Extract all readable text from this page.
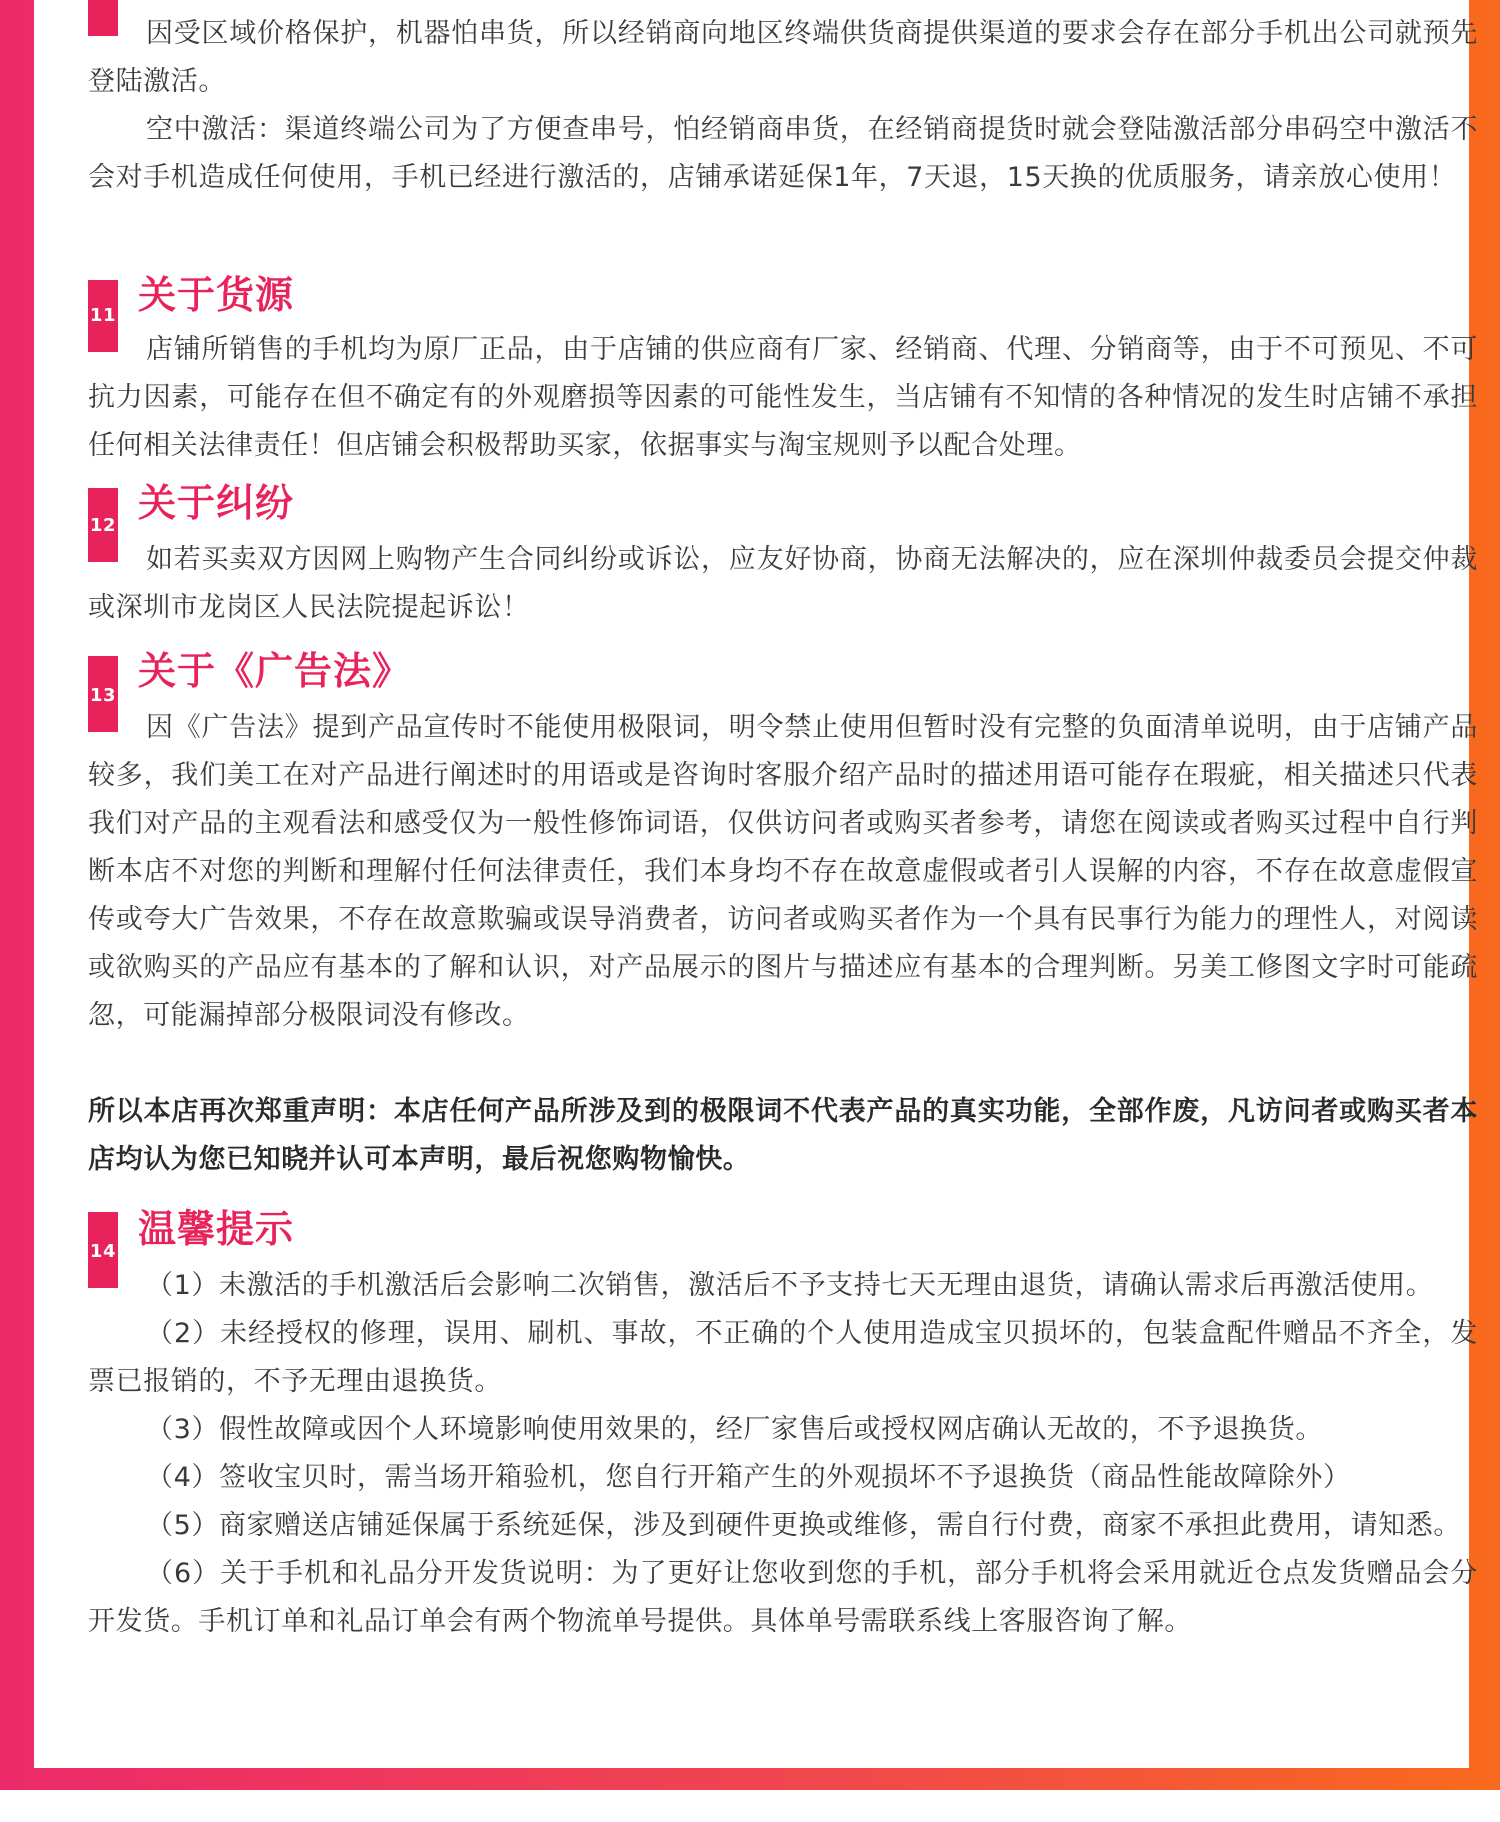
因受区域价格保护，机器怕串货，所以经销商向地区终端供货商提供渠道的要求会存在部分手机出公司就预先登陆激活。

空中激活：渠道终端公司为了方便查串号，怕经销商串货，在经销商提货时就会登陆激活部分串码空中激活不会对手机造成任何使用，手机已经进行激活的，店铺承诺延保1年，7天退，15天换的优质服务，请亲放心使用！

11 关于货源

店铺所销售的手机均为原厂正品，由于店铺的供应商有厂家、经销商、代理、分销商等，由于不可预见、不可抗力因素，可能存在但不确定有的外观磨损等因素的可能性发生，当店铺有不知情的各种情况的发生时店铺不承担任何相关法律责任！但店铺会积极帮助买家，依据事实与淘宝规则予以配合处理。

12
关于纠纷

如若买卖双方因网上购物产生合同纠纷或诉讼，应友好协商，协商无法解决的，应在深圳仲裁委员会提交仲裁或深圳市龙岗区人民法院提起诉讼！

13
关于《广告法》

因《广告法》提到产品宣传时不能使用极限词，明令禁止使用但暂时没有完整的负面清单说明，由于店铺产品较多，我们美工在对产品进行阐述时的用语或是咨询时客服介绍产品时的描述用语可能存在瑕疵，相关描述只代表我们对产品的主观看法和感受仅为一般性修饰词语，仅供访问者或购买者参考，请您在阅读或者购买过程中自行判断本店不对您的判断和理解付任何法律责任，我们本身均不存在故意虚假或者引人误解的内容，不存在故意虚假宣传或夸大广告效果，不存在故意欺骗或误导消费者，访问者或购买者作为一个具有民事行为能力的理性人，对阅读或欲购买的产品应有基本的了解和认识，对产品展示的图片与描述应有基本的合理判断。另美工修图文字时可能疏忽，可能漏掉部分极限词没有修改。

所以本店再次郑重声明：本店任何产品所涉及到的极限词不代表产品的真实功能，全部作废，凡访问者或购买者本店均认为您已知晓并认可本声明，最后祝您购物愉快。

14
温馨提示

（1）未激活的手机激活后会影响二次销售，激活后不予支持七天无理由退货，请确认需求后再激活使用。

（2）未经授权的修理，误用、刷机、事故，不正确的个人使用造成宝贝损坏的，包装盒配件赠品不齐全，发票已报销的，不予无理由退换货。

（3）假性故障或因个人环境影响使用效果的，经厂家售后或授权网店确认无故的，不予退换货。

（4）签收宝贝时，需当场开箱验机，您自行开箱产生的外观损坏不予退换货（商品性能故障除外）

（5）商家赠送店铺延保属于系统延保，涉及到硬件更换或维修，需自行付费，商家不承担此费用，请知悉。

（6）关于手机和礼品分开发货说明：为了更好让您收到您的手机，部分手机将会采用就近仓点发货赠品会分开发货。手机订单和礼品订单会有两个物流单号提供。具体单号需联系线上客服咨询了解。
